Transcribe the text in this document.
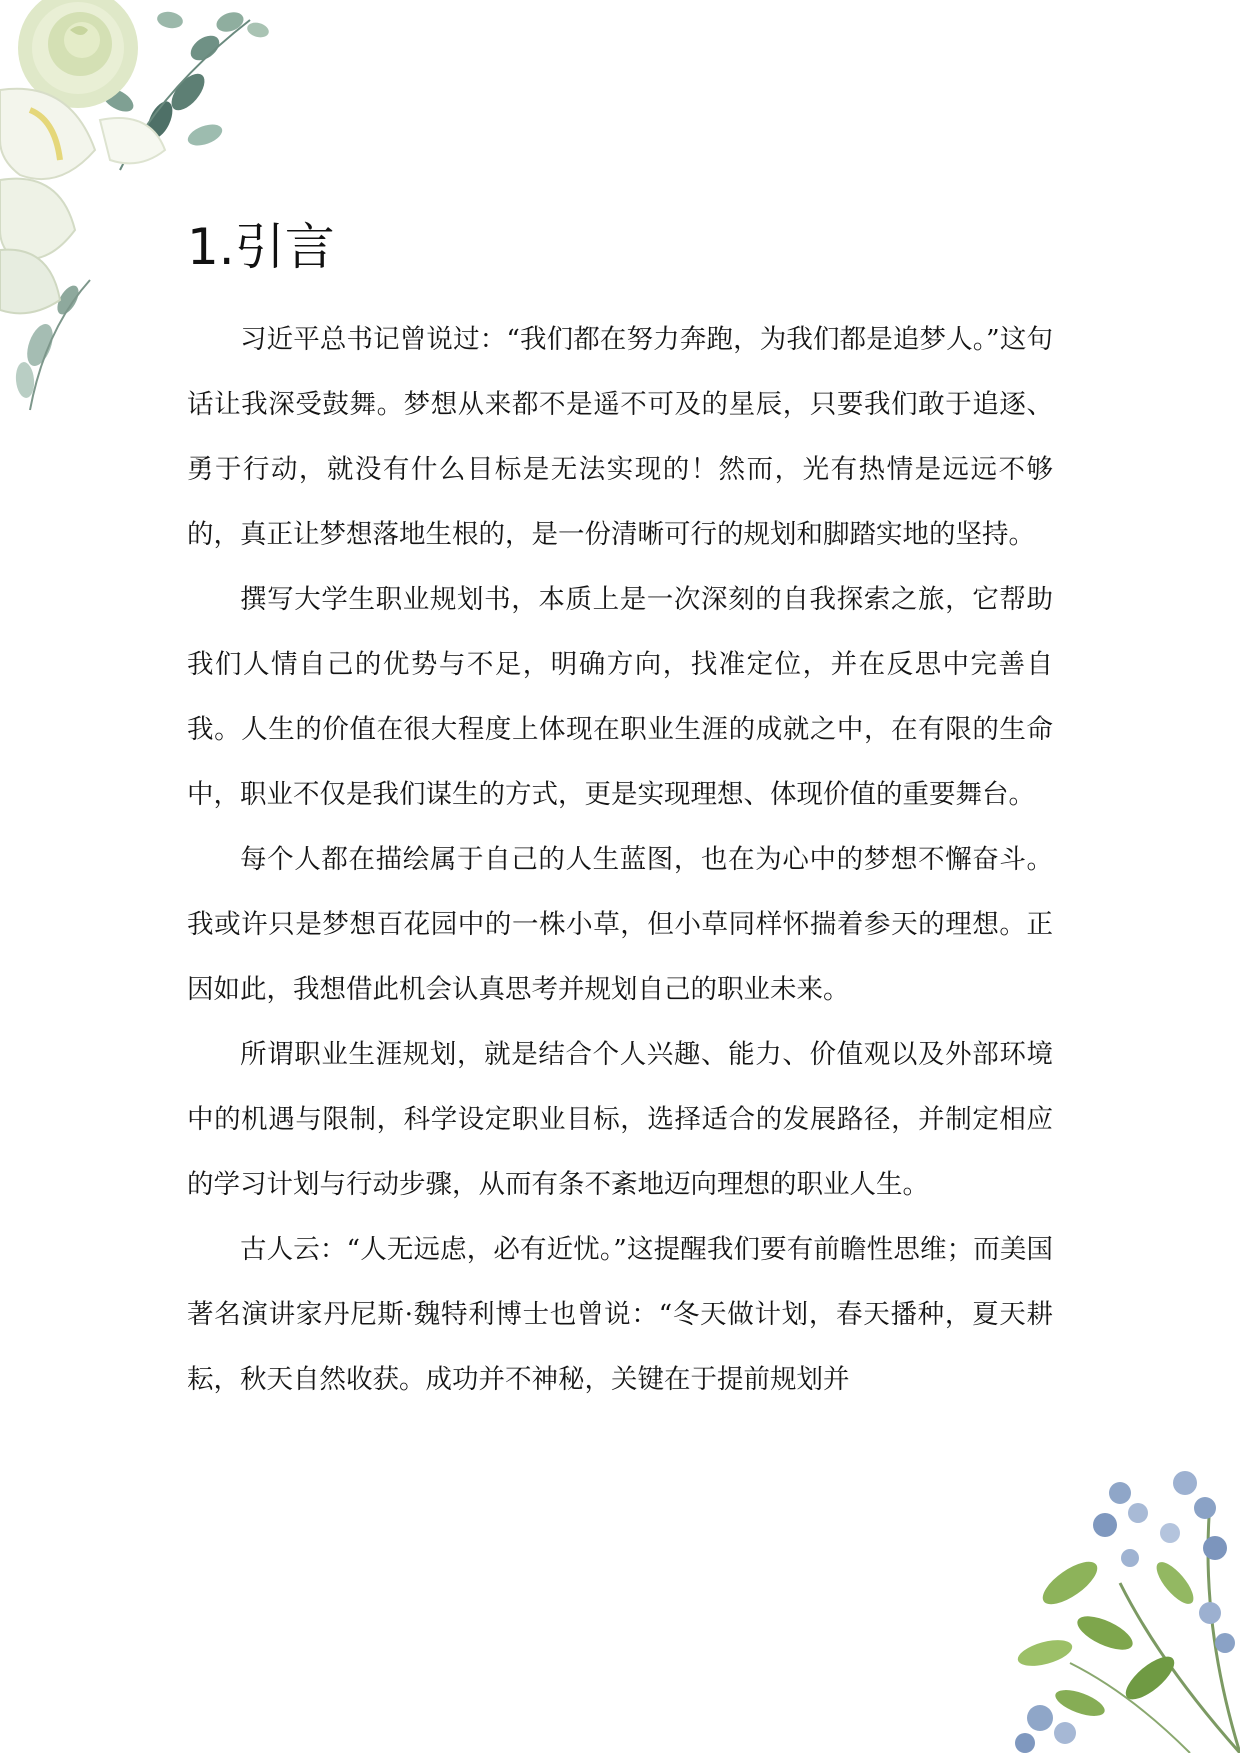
1.引言

习近平总书记曾说过：“我们都在努力奔跑，为我们都是追梦人。”这句话让我深受鼓舞。梦想从来都不是遥不可及的星辰，只要我们敢于追逐、勇于行动，就没有什么目标是无法实现的！然而，光有热情是远远不够的，真正让梦想落地生根的，是一份清晰可行的规划和脚踏实地的坚持。

撰写大学生职业规划书，本质上是一次深刻的自我探索之旅，它帮助我们人情自己的优势与不足，明确方向，找准定位，并在反思中完善自我。人生的价值在很大程度上体现在职业生涯的成就之中，在有限的生命中，职业不仅是我们谋生的方式，更是实现理想、体现价值的重要舞台。

每个人都在描绘属于自己的人生蓝图，也在为心中的梦想不懈奋斗。我或许只是梦想百花园中的一株小草，但小草同样怀揣着参天的理想。正因如此，我想借此机会认真思考并规划自己的职业未来。

所谓职业生涯规划，就是结合个人兴趣、能力、价值观以及外部环境中的机遇与限制，科学设定职业目标，选择适合的发展路径，并制定相应的学习计划与行动步骤，从而有条不紊地迈向理想的职业人生。

古人云：“人无远虑，必有近忧。”这提醒我们要有前瞻性思维；而美国著名演讲家丹尼斯·魏特利博士也曾说：“冬天做计划，春天播种，夏天耕耘，秋天自然收获。成功并不神秘，关键在于提前规划并
